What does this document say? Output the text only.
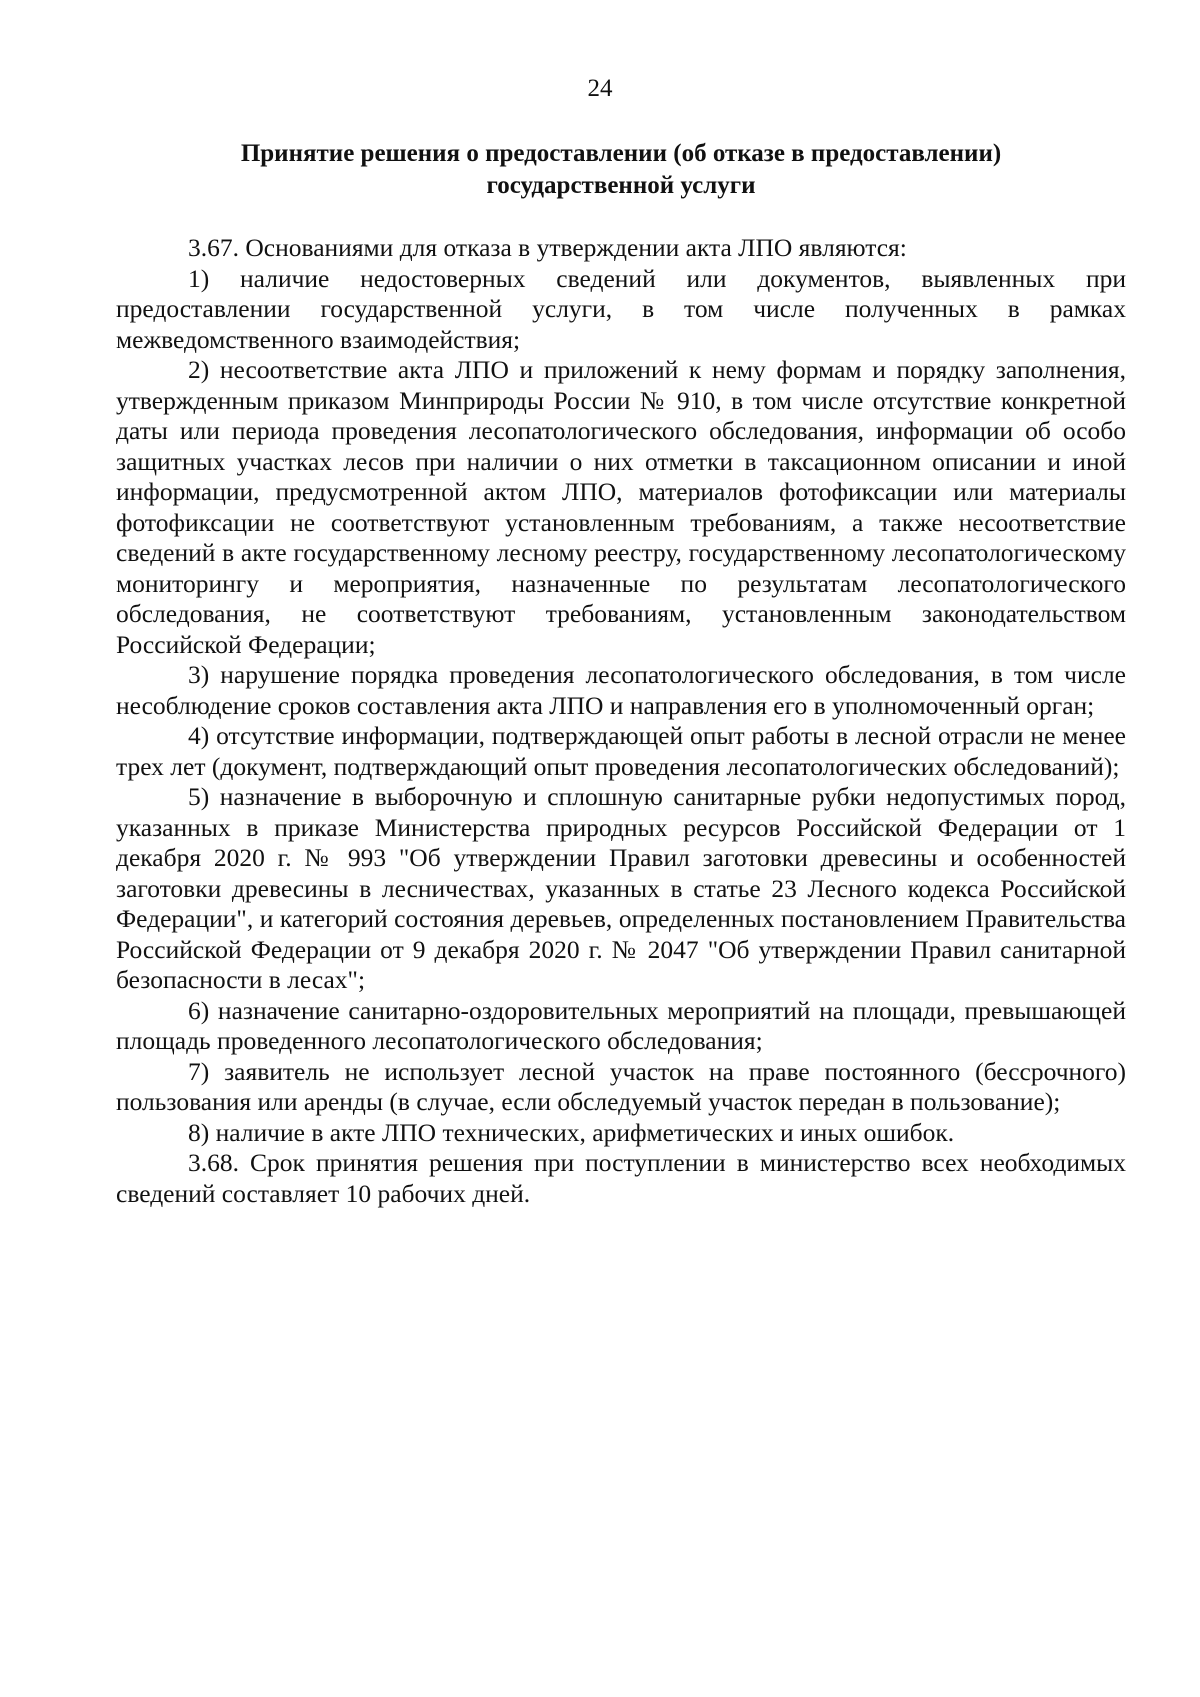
24
Принятие решения о предоставлении (об отказе в предоставлении)
государственной услуги

3.67. Основаниями для отказа в утверждении акта ЛПО являются:

1) наличие недостоверных сведений или документов, выявленных при предоставлении государственной услуги, в том числе полученных в рамках межведомственного взаимодействия;

2) несоответствие акта ЛПО и приложений к нему формам и порядку заполнения, утвержденным приказом Минприроды России № 910, в том числе отсутствие конкретной даты или периода проведения лесопатологического обследования, информации об особо защитных участках лесов при наличии о них отметки в таксационном описании и иной информации, предусмотренной актом ЛПО, материалов фотофиксации или материалы фотофиксации не соответствуют установленным требованиям, а также несоответствие сведений в акте государственному лесному реестру, государственному лесопатологическому мониторингу и мероприятия, назначенные по результатам лесопатологического обследования, не соответствуют требованиям, установленным законодательством Российской Федерации;

3) нарушение порядка проведения лесопатологического обследования, в том числе несоблюдение сроков составления акта ЛПО и направления его в уполномоченный орган;

4) отсутствие информации, подтверждающей опыт работы в лесной отрасли не менее трех лет (документ, подтверждающий опыт проведения лесопатологических обследований);

5) назначение в выборочную и сплошную санитарные рубки недопустимых пород, указанных в приказе Министерства природных ресурсов Российской Федерации от 1 декабря 2020 г. № 993 "Об утверждении Правил заготовки древесины и особенностей заготовки древесины в лесничествах, указанных в статье 23 Лесного кодекса Российской Федерации", и категорий состояния деревьев, определенных постановлением Правительства Российской Федерации от 9 декабря 2020 г. № 2047 "Об утверждении Правил санитарной безопасности в лесах";

6) назначение санитарно-оздоровительных мероприятий на площади, превышающей площадь проведенного лесопатологического обследования;

7) заявитель не использует лесной участок на праве постоянного (бессрочного) пользования или аренды (в случае, если обследуемый участок передан в пользование);

8) наличие в акте ЛПО технических, арифметических и иных ошибок.

3.68. Срок принятия решения при поступлении в министерство всех необходимых сведений составляет 10 рабочих дней.
